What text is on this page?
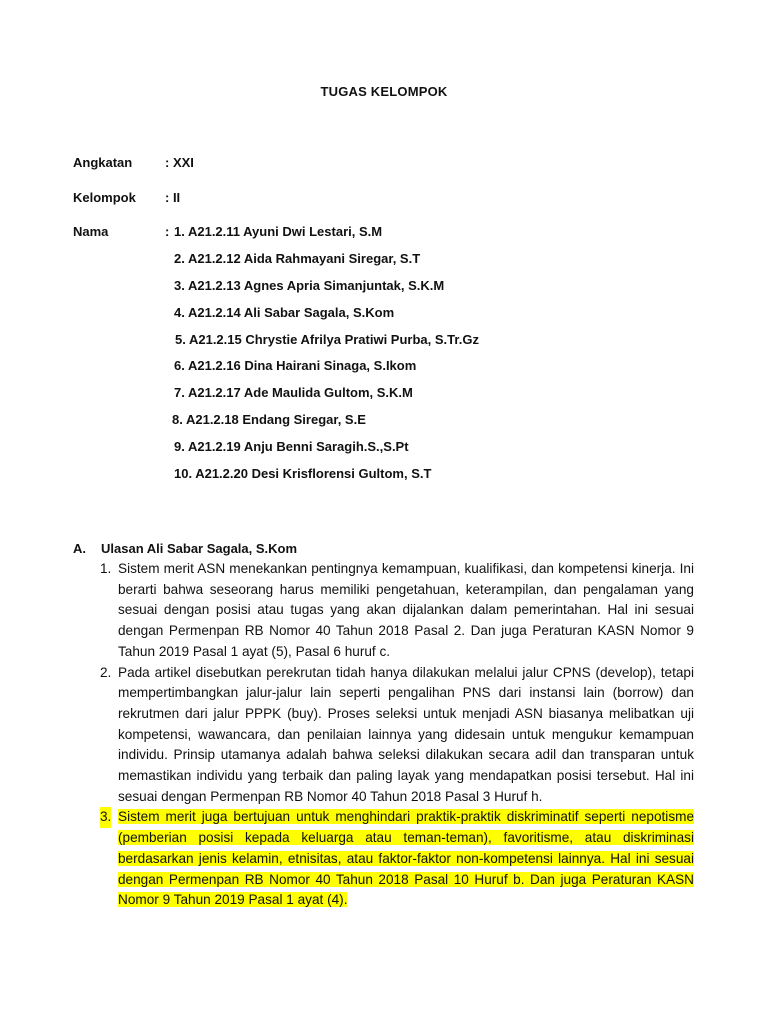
TUGAS KELOMPOK
Angkatan	: XXI
Kelompok : II
Nama	: 1. A21.2.11 Ayuni Dwi Lestari, S.M
2. A21.2.12 Aida Rahmayani Siregar, S.T
3. A21.2.13 Agnes Apria Simanjuntak, S.K.M
4. A21.2.14 Ali Sabar Sagala, S.Kom
5. A21.2.15 Chrystie Afrilya Pratiwi Purba, S.Tr.Gz
6. A21.2.16 Dina Hairani Sinaga, S.Ikom
7. A21.2.17 Ade Maulida Gultom, S.K.M
8. A21.2.18 Endang Siregar, S.E
9. A21.2.19 Anju Benni Saragih.S.,S.Pt
10. A21.2.20 Desi Krisflorensi Gultom, S.T
A. Ulasan Ali Sabar Sagala, S.Kom
1. Sistem merit ASN menekankan pentingnya kemampuan, kualifikasi, dan kompetensi kinerja. Ini berarti bahwa seseorang harus memiliki pengetahuan, keterampilan, dan pengalaman yang sesuai dengan posisi atau tugas yang akan dijalankan dalam pemerintahan. Hal ini sesuai dengan Permenpan RB Nomor 40 Tahun 2018 Pasal 2. Dan juga Peraturan KASN Nomor 9 Tahun 2019 Pasal 1 ayat (5), Pasal 6 huruf c.
2. Pada artikel disebutkan perekrutan tidah hanya dilakukan melalui jalur CPNS (develop), tetapi mempertimbangkan jalur-jalur lain seperti pengalihan PNS dari instansi lain (borrow) dan rekrutmen dari jalur PPPK (buy). Proses seleksi untuk menjadi ASN biasanya melibatkan uji kompetensi, wawancara, dan penilaian lainnya yang didesain untuk mengukur kemampuan individu. Prinsip utamanya adalah bahwa seleksi dilakukan secara adil dan transparan untuk memastikan individu yang terbaik dan paling layak yang mendapatkan posisi tersebut. Hal ini sesuai dengan Permenpan RB Nomor 40 Tahun 2018 Pasal 3 Huruf h.
3. Sistem merit juga bertujuan untuk menghindari praktik-praktik diskriminatif seperti nepotisme (pemberian posisi kepada keluarga atau teman-teman), favoritisme, atau diskriminasi berdasarkan jenis kelamin, etnisitas, atau faktor-faktor non-kompetensi lainnya. Hal ini sesuai dengan Permenpan RB Nomor 40 Tahun 2018 Pasal 10 Huruf b. Dan juga Peraturan KASN Nomor 9 Tahun 2019 Pasal 1 ayat (4).
